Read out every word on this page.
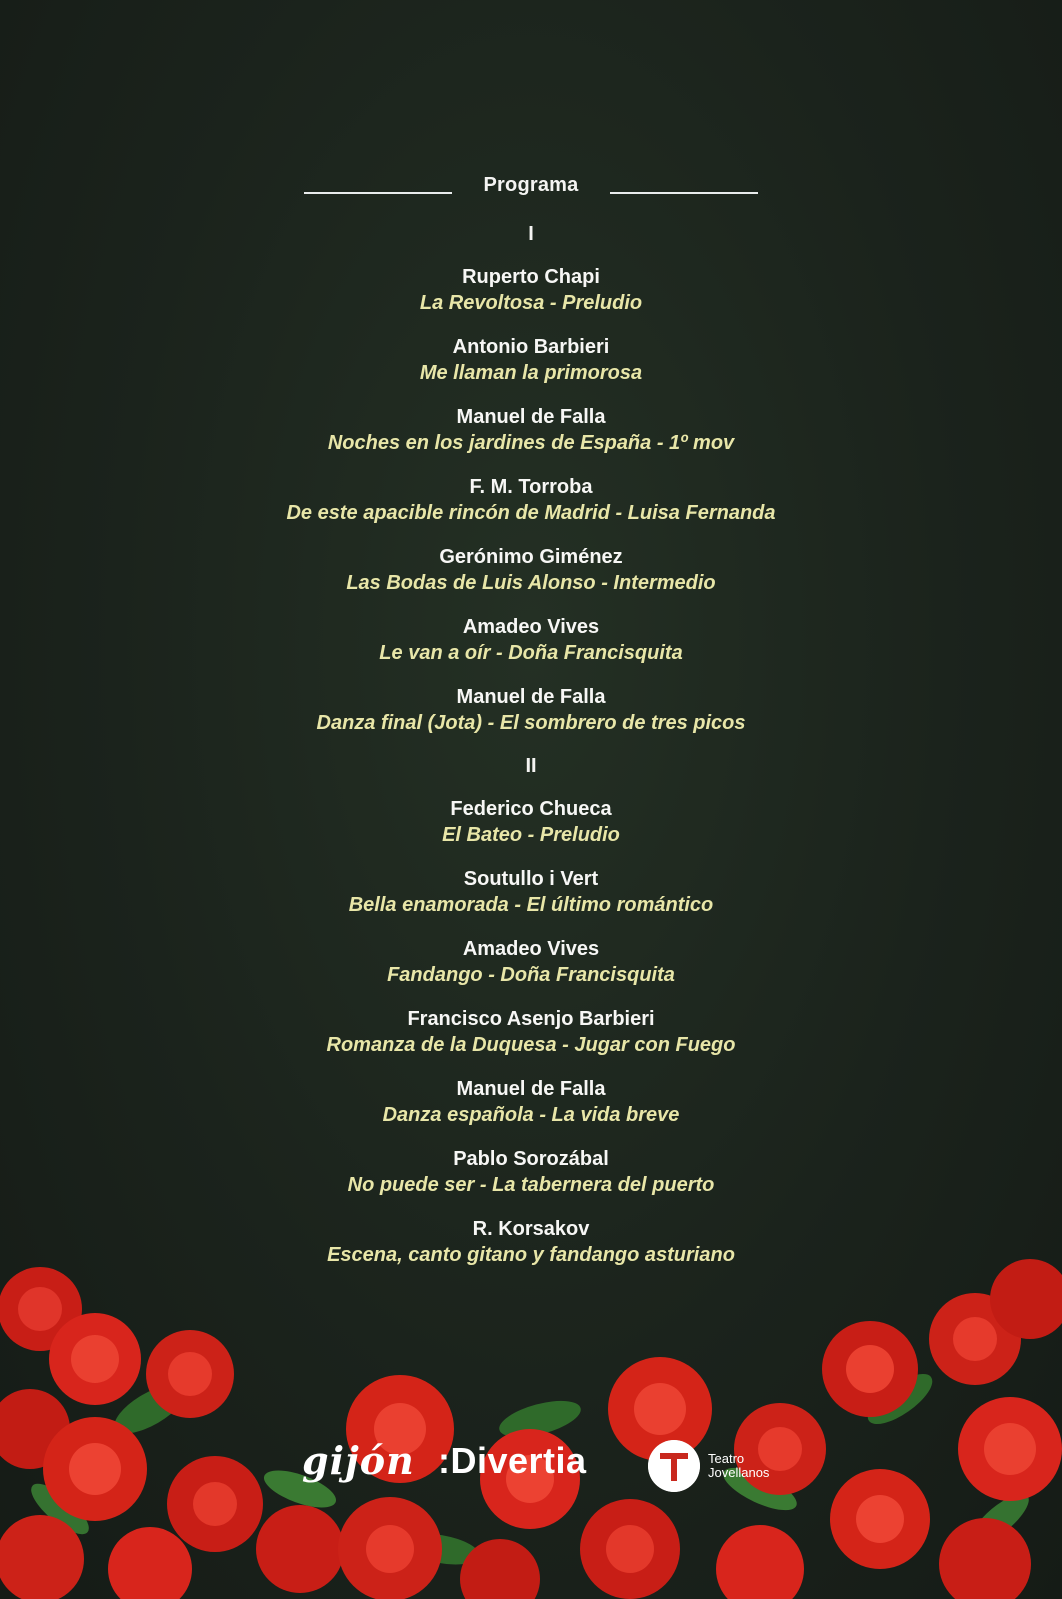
Programa
I
Ruperto Chapi
La Revoltosa - Preludio
Antonio Barbieri
Me llaman la primorosa
Manuel de Falla
Noches en los jardines de España - 1º mov
F. M. Torroba
De este apacible rincón de Madrid - Luisa Fernanda
Gerónimo Giménez
Las Bodas de Luis Alonso - Intermedio
Amadeo Vives
Le van a oír - Doña Francisquita
Manuel de Falla
Danza final (Jota) - El sombrero de tres picos
II
Federico Chueca
El Bateo - Preludio
Soutullo i Vert
Bella enamorada - El último romántico
Amadeo Vives
Fandango - Doña Francisquita
Francisco Asenjo Barbieri
Romanza de la Duquesa - Jugar con Fuego
Manuel de Falla
Danza española - La vida breve
Pablo Sorozábal
No puede ser - La tabernera del puerto
R. Korsakov
Escena, canto gitano y fandango asturiano
gijón :Divertia	Teatro
Jovellanos
